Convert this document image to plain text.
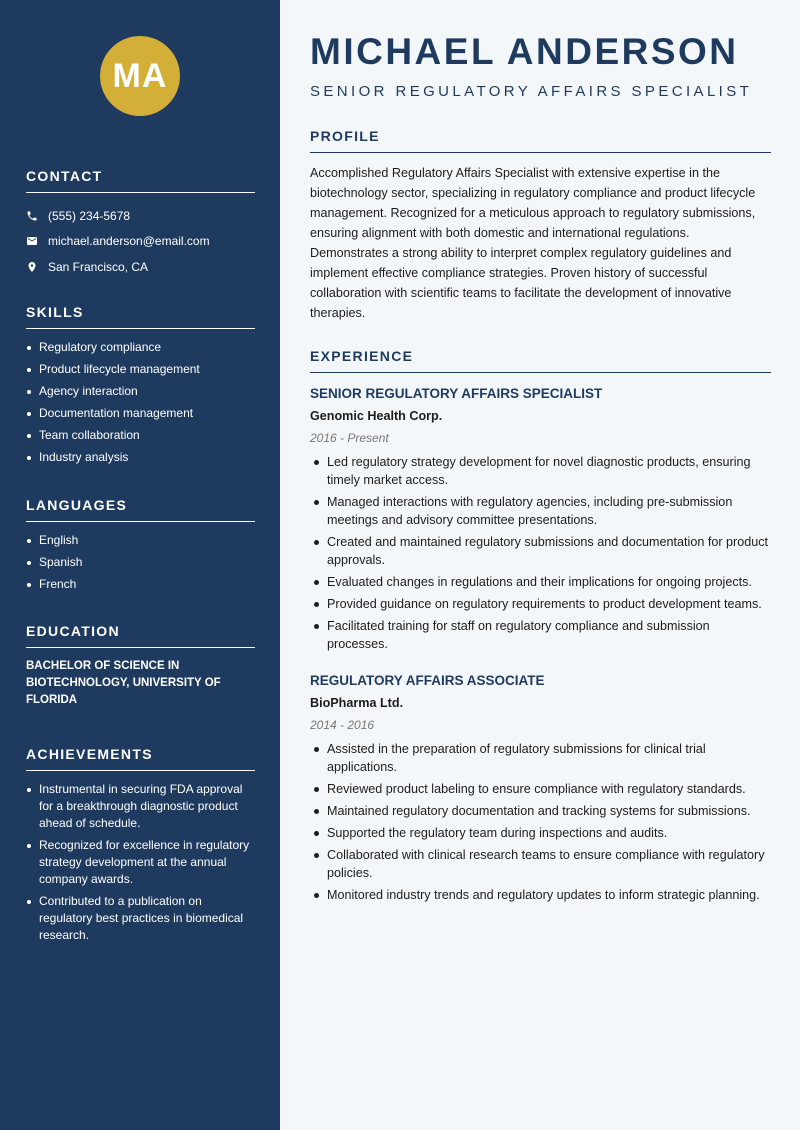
MA
CONTACT
(555) 234-5678
michael.anderson@email.com
San Francisco, CA
SKILLS
Regulatory compliance
Product lifecycle management
Agency interaction
Documentation management
Team collaboration
Industry analysis
LANGUAGES
English
Spanish
French
EDUCATION
BACHELOR OF SCIENCE IN BIOTECHNOLOGY, UNIVERSITY OF FLORIDA
ACHIEVEMENTS
Instrumental in securing FDA approval for a breakthrough diagnostic product ahead of schedule.
Recognized for excellence in regulatory strategy development at the annual company awards.
Contributed to a publication on regulatory best practices in biomedical research.
MICHAEL ANDERSON
SENIOR REGULATORY AFFAIRS SPECIALIST
PROFILE
Accomplished Regulatory Affairs Specialist with extensive expertise in the biotechnology sector, specializing in regulatory compliance and product lifecycle management. Recognized for a meticulous approach to regulatory submissions, ensuring alignment with both domestic and international regulations. Demonstrates a strong ability to interpret complex regulatory guidelines and implement effective compliance strategies. Proven history of successful collaboration with scientific teams to facilitate the development of innovative therapies.
EXPERIENCE
SENIOR REGULATORY AFFAIRS SPECIALIST
Genomic Health Corp.
2016 - Present
Led regulatory strategy development for novel diagnostic products, ensuring timely market access.
Managed interactions with regulatory agencies, including pre-submission meetings and advisory committee presentations.
Created and maintained regulatory submissions and documentation for product approvals.
Evaluated changes in regulations and their implications for ongoing projects.
Provided guidance on regulatory requirements to product development teams.
Facilitated training for staff on regulatory compliance and submission processes.
REGULATORY AFFAIRS ASSOCIATE
BioPharma Ltd.
2014 - 2016
Assisted in the preparation of regulatory submissions for clinical trial applications.
Reviewed product labeling to ensure compliance with regulatory standards.
Maintained regulatory documentation and tracking systems for submissions.
Supported the regulatory team during inspections and audits.
Collaborated with clinical research teams to ensure compliance with regulatory policies.
Monitored industry trends and regulatory updates to inform strategic planning.
